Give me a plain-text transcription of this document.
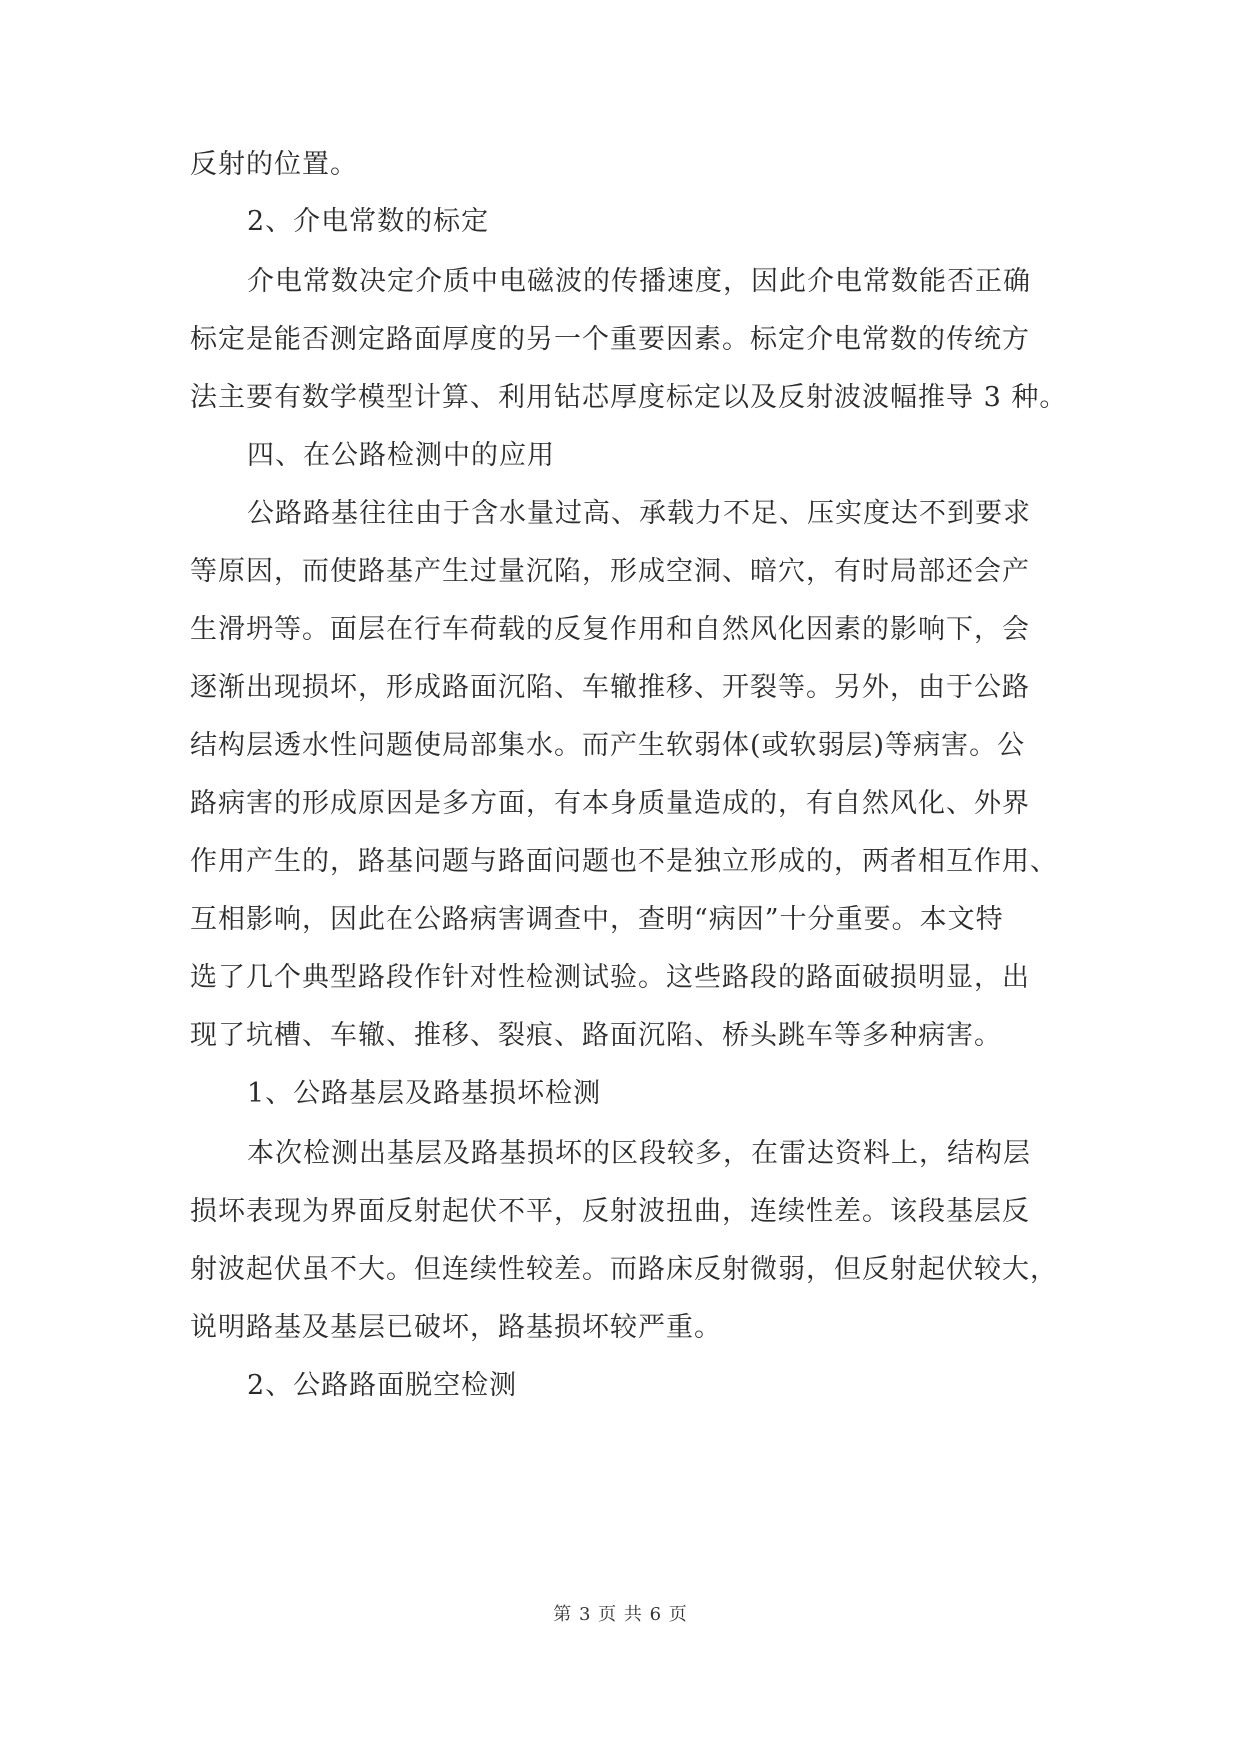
反射的位置。
2、介电常数的标定
介电常数决定介质中电磁波的传播速度，因此介电常数能否正确
标定是能否测定路面厚度的另一个重要因素。标定介电常数的传统方
法主要有数学模型计算、利用钻芯厚度标定以及反射波波幅推导 3 种。
四、在公路检测中的应用
公路路基往往由于含水量过高、承载力不足、压实度达不到要求
等原因，而使路基产生过量沉陷，形成空洞、暗穴，有时局部还会产
生滑坍等。面层在行车荷载的反复作用和自然风化因素的影响下，会
逐渐出现损坏，形成路面沉陷、车辙推移、开裂等。另外，由于公路
结构层透水性问题使局部集水。而产生软弱体(或软弱层)等病害。公
路病害的形成原因是多方面，有本身质量造成的，有自然风化、外界
作用产生的，路基问题与路面问题也不是独立形成的，两者相互作用、
互相影响，因此在公路病害调查中，查明“病因”十分重要。本文特
选了几个典型路段作针对性检测试验。这些路段的路面破损明显，出
现了坑槽、车辙、推移、裂痕、路面沉陷、桥头跳车等多种病害。
1、公路基层及路基损坏检测
本次检测出基层及路基损坏的区段较多，在雷达资料上，结构层
损坏表现为界面反射起伏不平，反射波扭曲，连续性差。该段基层反
射波起伏虽不大。但连续性较差。而路床反射微弱，但反射起伏较大，
说明路基及基层已破坏，路基损坏较严重。
2、公路路面脱空检测
第 3 页 共 6 页
